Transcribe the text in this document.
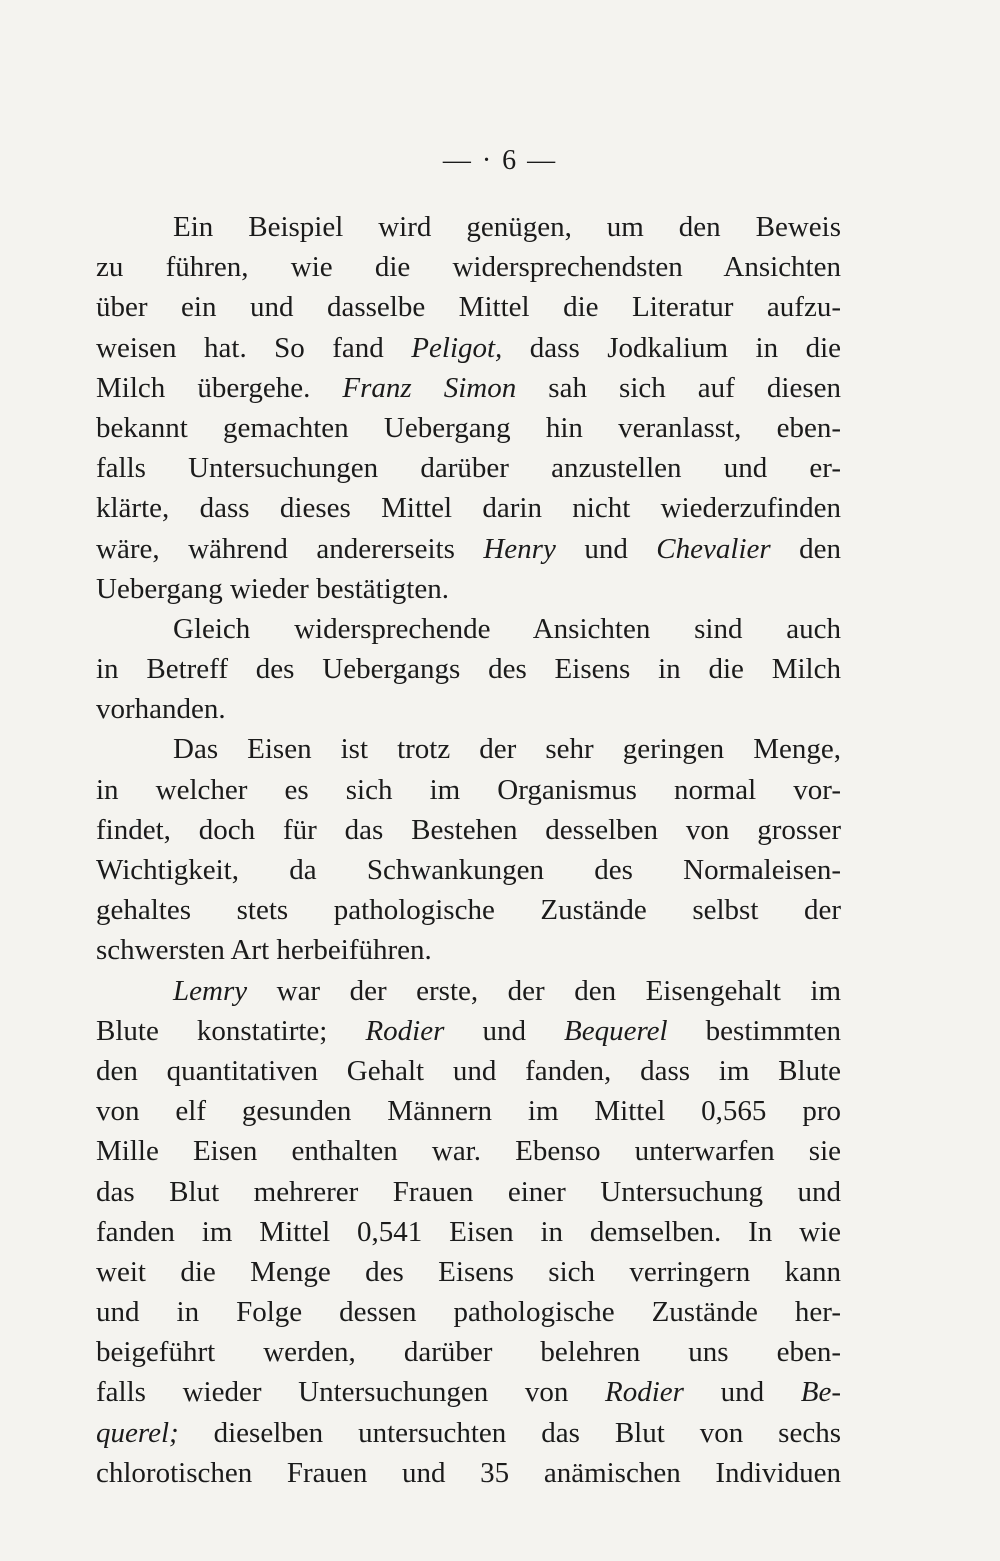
— · 6 —
Ein Beispiel wird genügen, um den Beweis
zu führen, wie die widersprechendsten Ansichten
über ein und dasselbe Mittel die Literatur aufzu-
weisen hat. So fand Peligot, dass Jodkalium in die
Milch übergehe. Franz Simon sah sich auf diesen
bekannt gemachten Uebergang hin veranlasst, eben-
falls Untersuchungen darüber anzustellen und er-
klärte, dass dieses Mittel darin nicht wiederzufinden
wäre, während andererseits Henry und Chevalier den
Uebergang wieder bestätigten.
Gleich widersprechende Ansichten sind auch
in Betreff des Uebergangs des Eisens in die Milch
vorhanden.
Das Eisen ist trotz der sehr geringen Menge,
in welcher es sich im Organismus normal vor-
findet, doch für das Bestehen desselben von grosser
Wichtigkeit, da Schwankungen des Normaleisen-
gehaltes stets pathologische Zustände selbst der
schwersten Art herbeiführen.
Lemry war der erste, der den Eisengehalt im
Blute konstatirte; Rodier und Bequerel bestimmten
den quantitativen Gehalt und fanden, dass im Blute
von elf gesunden Männern im Mittel 0,565 pro
Mille Eisen enthalten war. Ebenso unterwarfen sie
das Blut mehrerer Frauen einer Untersuchung und
fanden im Mittel 0,541 Eisen in demselben. In wie
weit die Menge des Eisens sich verringern kann
und in Folge dessen pathologische Zustände her-
beigeführt werden, darüber belehren uns eben-
falls wieder Untersuchungen von Rodier und Be-
querel; dieselben untersuchten das Blut von sechs
chlorotischen Frauen und 35 anämischen Individuen
